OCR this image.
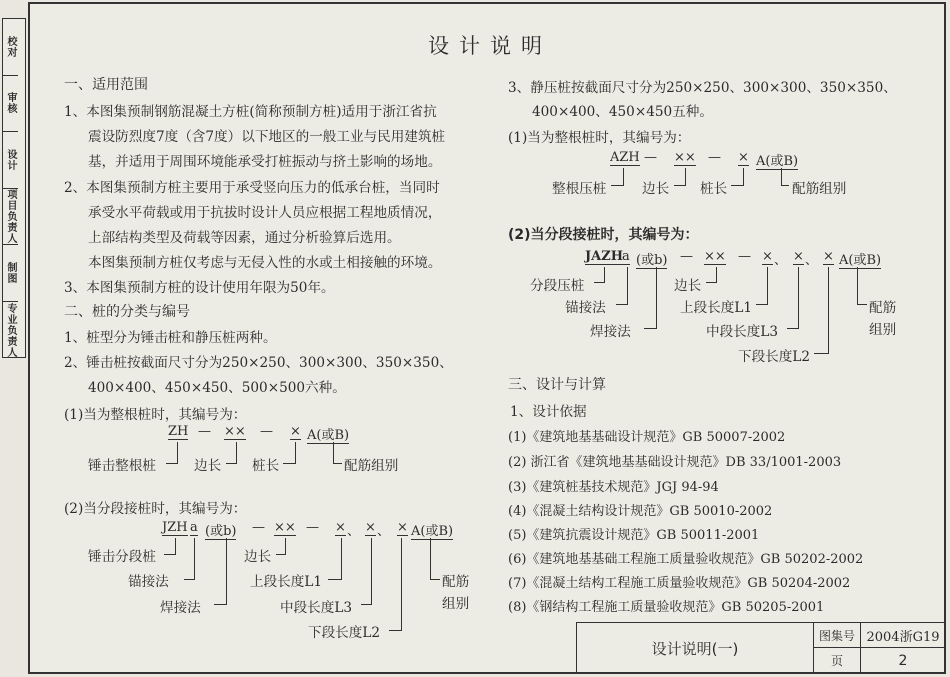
校对
审核
设计
项目负责人
制图
专业负责人
设计说明
一、适用范围
1、本图集预制钢筋混凝土方桩(简称预制方桩)适用于浙江省抗
震设防烈度7度（含7度）以下地区的一般工业与民用建筑桩
基，并适用于周围环境能承受打桩振动与挤土影响的场地。
2、本图集预制方桩主要用于承受竖向压力的低承台桩，当同时
承受水平荷载或用于抗拔时设计人员应根据工程地质情况，
上部结构类型及荷载等因素，通过分析验算后选用。
本图集预制方桩仅考虑与无侵入性的水或土相接触的环境。
3、本图集预制方桩的设计使用年限为50年。
二、桩的分类与编号
1、桩型分为锤击桩和静压桩两种。
2、锤击桩按截面尺寸分为250×250、300×300、350×350、
400×400、450×450、500×500六种。
(1)当为整根桩时，其编号为：
ZH — ×× — × A(或B)
锤击整根桩	边长 桩长	配筋组别
(2)当分段接桩时，其编号为：
JZH a (或b) — ×× — × 、 × 、 × A(或B)
锤击分段桩
锚接法
焊接法
边长
上段长度L1
中段长度L3
下段长度L2
配筋
组别
3、静压桩按截面尺寸分为250×250、300×300、350×350、
400×400、450×450五种。
(1)当为整根桩时，其编号为：
AZH — ×× — × A(或B)
整根压桩	边长 桩长	配筋组别
(2)当分段接桩时，其编号为：
JAZH
a (或b) — ×× — × 、 × 、 × A(或B)
分段压桩
锚接法
焊接法
边长
上段长度L1
中段长度L3
下段长度L2
配筋
组别
三、设计与计算
1、设计依据
(1)《建筑地基基础设计规范》GB 50007-2002
(2) 浙江省《建筑地基基础设计规范》DB 33/1001-2003
(3)《建筑桩基技术规范》JGJ 94-94
(4)《混凝土结构设计规范》GB 50010-2002
(5)《建筑抗震设计规范》GB 50011-2001
(6)《建筑地基基础工程施工质量验收规范》GB 50202-2002
(7)《混凝土结构工程施工质量验收规范》GB 50204-2002
(8)《钢结构工程施工质量验收规范》GB 50205-2001
设计说明(一)
图集号 2004浙G19
页	2
